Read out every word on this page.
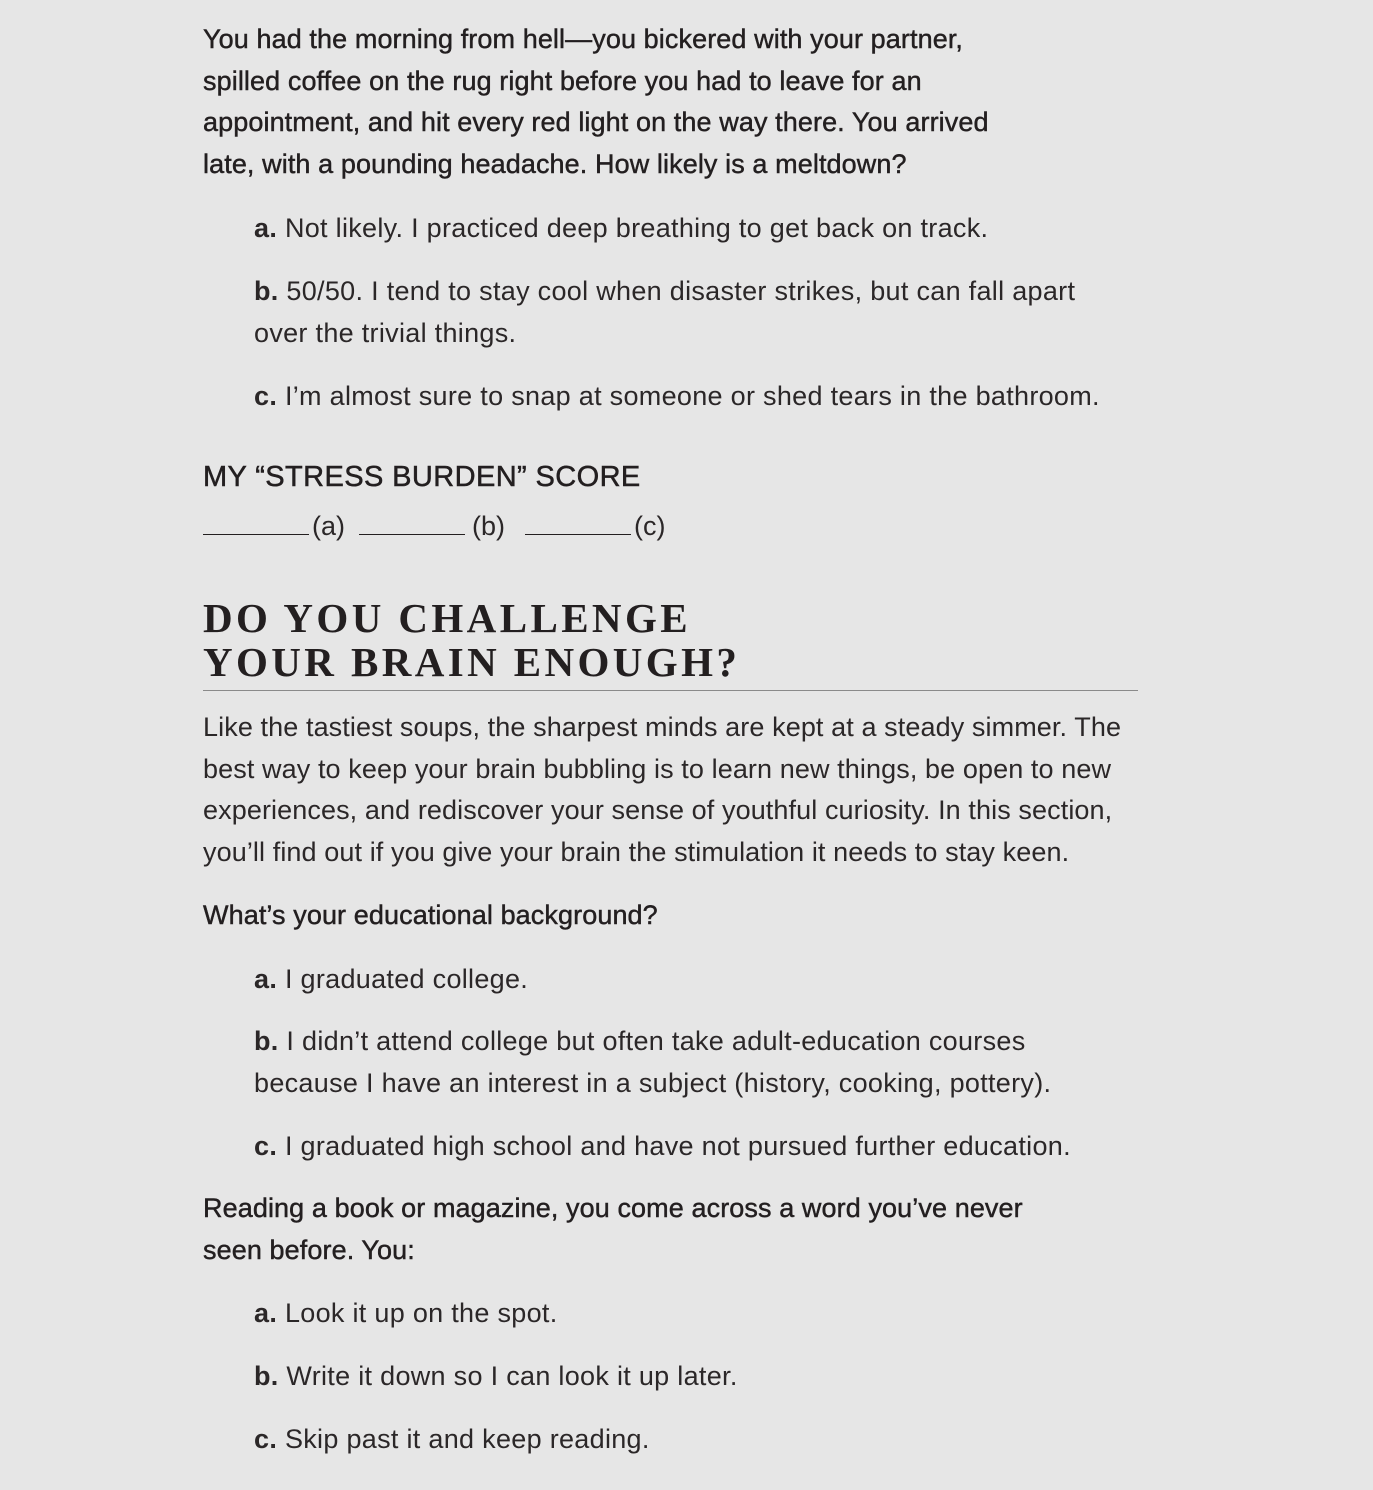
You had the morning from hell—you bickered with your partner,
spilled coffee on the rug right before you had to leave for an
appointment, and hit every red light on the way there. You arrived
late, with a pounding headache. How likely is a meltdown?

a. Not likely. I practiced deep breathing to get back on track.

b. 50/50. I tend to stay cool when disaster strikes, but can fall apart
over the trivial things.

c. I’m almost sure to snap at someone or shed tears in the bathroom.

MY “STRESS BURDEN” SCORE

(a)	(b)	(c)
DO YOU CHALLENGE
YOUR BRAIN ENOUGH?

Like the tastiest soups, the sharpest minds are kept at a steady simmer. The
best way to keep your brain bubbling is to learn new things, be open to new
experiences, and rediscover your sense of youthful curiosity. In this section,
you’ll find out if you give your brain the stimulation it needs to stay keen.

What’s your educational background?

a. I graduated college.

b. I didn’t attend college but often take adult-education courses
because I have an interest in a subject (history, cooking, pottery).

c. I graduated high school and have not pursued further education.

Reading a book or magazine, you come across a word you’ve never
seen before. You:

a. Look it up on the spot.

b. Write it down so I can look it up later.

c. Skip past it and keep reading.
